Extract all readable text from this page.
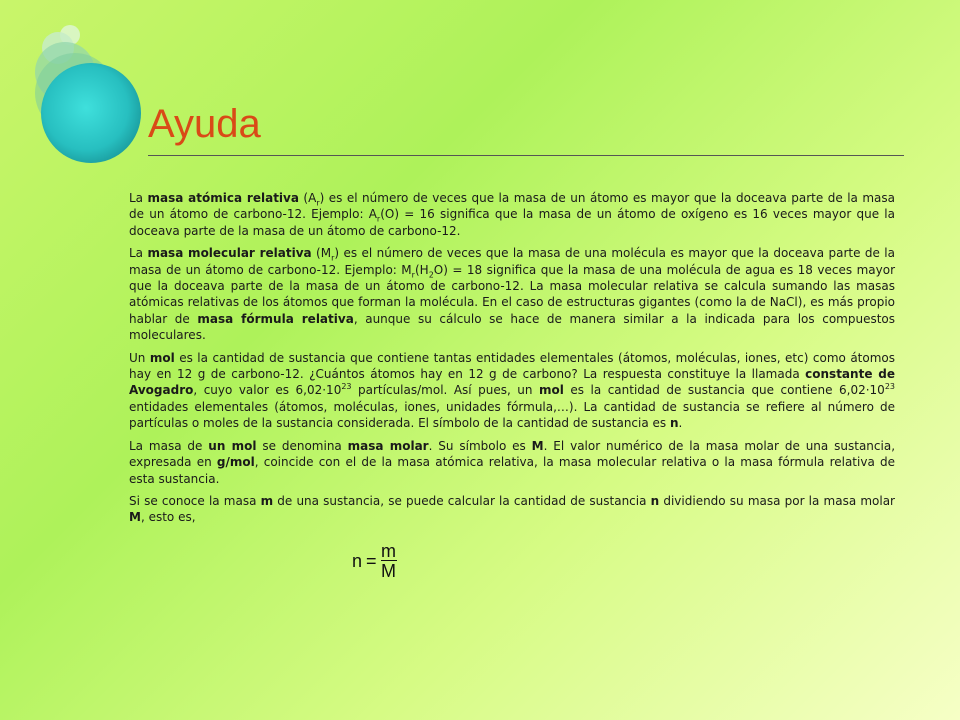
Ayuda

La masa atómica relativa $(A_r)$ es el número de veces que la masa de un átomo es mayor que la doceava parte de la masa de un átomo de carbono-12. Ejemplo: $A_r(O) = 16$ significa que la masa de un átomo de oxígeno es 16 veces mayor que la doceava parte de la masa de un átomo de carbono-12.

La masa molecular relativa $(M_r)$ es el número de veces que la masa de una molécula es mayor que la doceava parte de la masa de un átomo de carbono-12. Ejemplo: $M_r(H_2O) = 18$ significa que la masa de una molécula de agua es 18 veces mayor que la doceava parte de la masa de un átomo de carbono-12. La masa molecular relativa se calcula sumando las masas atómicas relativas de los átomos que forman la molécula. En el caso de estructuras gigantes (como la de NaCl), es más propio hablar de masa fórmula relativa, aunque su cálculo se hace de manera similar a la indicada para los compuestos moleculares.

Un mol es la cantidad de sustancia que contiene tantas entidades elementales (átomos, moléculas, iones, etc) como átomos hay en 12 g de carbono-12. ¿Cuántos átomos hay en 12 g de carbono? La respuesta constituye la llamada constante de Avogadro, cuyo valor es $6,02\cdot 10^{23}$ partículas/mol. Así pues, un mol es la cantidad de sustancia que contiene $6,02\cdot 10^{23}$ entidades elementales (átomos, moléculas, iones, unidades fórmula,…). La cantidad de sustancia se refiere al número de partículas o moles de la sustancia considerada. El símbolo de la cantidad de sustancia es n.

La masa de un mol se denomina masa molar. Su símbolo es M. El valor numérico de la masa molar de una sustancia, expresada en g/mol, coincide con el de la masa atómica relativa, la masa molecular relativa o la masa fórmula relativa de esta sustancia.

Si se conoce la masa m de una sustancia, se puede calcular la cantidad de sustancia n dividiendo su masa por la masa molar M, esto es,

$n = \frac{m}{M}$
